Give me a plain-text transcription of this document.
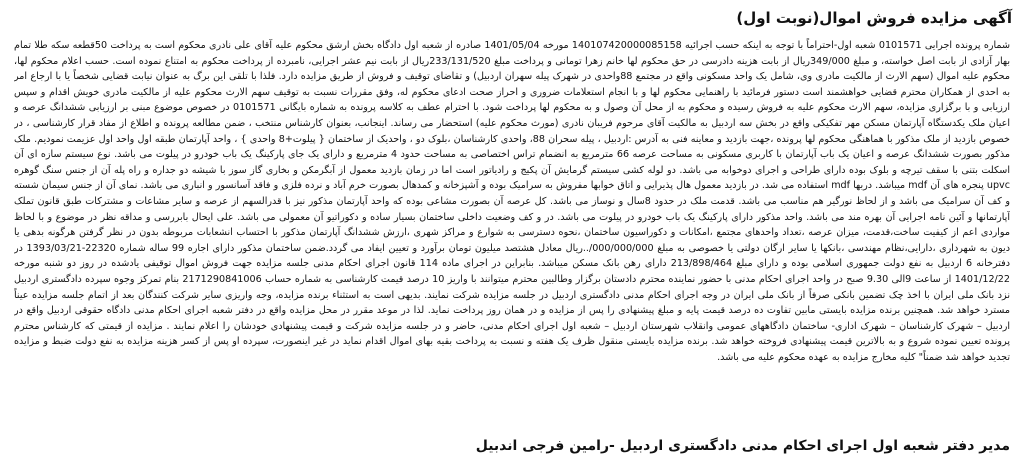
آگهی مزایده فروش اموال(نوبت اول)
شماره پرونده اجرایی 0101571 شعبه اول-احتراماً با توجه به اینکه حسب اجرائیه 140107420000085158 مورخه 1401/05/04 صادره از شعبه اول دادگاه بخش ارشق محکوم علیه آقای علی نادری محکوم است به پرداخت 50قطعه سکه طلا تمام بهار آزادی از بابت اصل خواسته، و مبلغ 349/000ریال از بابت هزینه دادرسی در حق محکوم لها خانم زهرا تومانی و پرداخت مبلغ 233/131/520ریال از بابت نیم عشر اجرایی، نامبرده از پرداخت محکوم به امتناع نموده است. حسب اعلام محکوم لها، محکوم علیه اموال (سهم الارث از مالکیت مادری وی، شامل یک واحد مسکونی واقع در مجتمع 88واحدی در شهرک پیله سهران اردبیل) و تقاضای توقیف و فروش از طریق مزایده دارد. فلذا با تلقی این برگ به عنوان نیابت قضایی شخصاً یا با ارجاع امر به احدی از همکاران محترم قضایی خواهشمند است دستور فرمائید با راهنمایی محکوم لها و با انجام استعلامات ضروری و احراز صحت ادعای محکوم له، وفق مقررات نسبت به توقیف سهم الارث محکوم علیه از مالکیت مادری خویش اقدام و سپس ارزیابی و با برگزاری مزایده، سهم الارث محکوم علیه به فروش رسیده و محکوم به از محل آن وصول و به محکوم لها پرداخت شود. با احترام عطف به کلاسه پرونده به شماره بایگانی 0101571 در خصوص موضوع مبنی بر ارزیابی ششدانگ عرصه و اعیان ملک یکدستگاه آپارتمان مسکن مهر تفکیکی واقع در بخش سه اردبیل به مالکیت آقای مرحوم فریبان نادری (مورث محکوم علیه) استحضار می رساند. اینجانب، بعنوان کارشناس منتخب ، ضمن مطالعه پرونده و اطلاع از مفاد قرار کارشناسی ، در خصوص بازدید از ملک مذکور با هماهنگی محکوم لها پرونده ،جهت بازدید و معاینه فنی به آدرس :اردبیل ، پیله سحران 88، واحدی کارشناسان ،بلوک دو ، واحدیک از ساختمان { پیلوت+8 واحدی } ، واحد آپارتمان طبقه اول واحد اول عزیمت نمودیم. ملک مذکور بصورت ششدانگ عرصه و اعیان یک باب آپارتمان با کاربری مسکونی به مساحت عرصه 66 مترمربع به انضمام تراس اختصاصی به مساحت حدود 4 مترمربع و دارای یک جای پارکینگ یک باب خودرو در پیلوت می باشد. نوع سیستم سازه ای آن اسکلت بتنی با سقف تیرچه و بلوک بوده دارای طراحی و اجرای دوخوابه می باشد. دو لوله کشی سیستم گرمایش آن پکیج و رادیاتور است اما در زمان بازدید معمول از آبگرمکن و بخاری گاز سوز با شیشه دو جداره و راه پله آن از جنس سنگ گوهره upvc پنجره های آن mdf میباشد. دربها mdf استفاده می شد. در بازدید معمول هال پذیرایی و اتاق خوابها مفروش به سرامیک بوده و آشپزخانه و کمدهال بصورت خرم آباد و نرده فلزی و فاقد آسانسور و انباری می باشد. نمای آن از جنس سیمان شسته و کف آن سرامیک می باشد و از لحاظ نورگیر هم مناسب می باشد. قدمت ملک در حدود 8سال و نوساز می باشد. کل عرصه آن بصورت مشاعی بوده که واحد آپارتمان مذکور نیز با قدرالسهم از عرصه و سایر مشاعات و مشترکات طبق قانون تملک آپارتمانها و آئین نامه اجرایی آن بهره مند می باشد. واحد مذکور دارای پارکینگ یک باب خودرو در پیلوت می باشد. در و کف وضعیت داخلی ساختمان بسیار ساده و دکوراتیو آن معمولی می باشد. علی ایحال بابررسی و مداقه نظر در موضوع و با لحاظ مواردی اعم از کیفیت ساخت،قدمت، میزان عرصه ،تعداد واحدهای مجتمع ،امکانات و دکوراسیون ساختمان ،نحوه دسترسی به شوارع و مراکز شهری ،ارزش ششدانگ آپارتمان مذکور با احتساب انشعابات مربوطه بدون در نظر گرفتن هرگونه بدهی یا دیون به شهرداری ،دارایی،نظام مهندسی ،بانکها یا سایر ارگان دولتی یا خصوصی به مبلغ 000/000/000/..ریال معادل هشتصد میلیون تومان برآورد و تعیین ایفاد می گردد.ضمن ساختمان مذکور دارای اجاره 99 ساله شماره 22320-1393/03/21 در دفترخانه 6 اردبیل به نفع دولت جمهوری اسلامی بوده و دارای مبلغ 213/898/464 دارای رهن بانک مسکن میباشد. بنابراین در اجرای ماده 114 قانون اجرای احکام مدنی جلسه مزایده جهت فروش اموال توقیفی یادشده در روز دو شنبه مورخه 1401/12/22 از ساعت 9الی 9.30 صبح در واحد اجرای احکام مدنی با حضور نماینده محترم دادستان برگزار وطالبین محترم میتوانند با واریز 10 درصد قیمت کارشناسی به شماره حساب 2171290841006 بنام تمرکز وجوه سپرده دادگستری اردبیل نزد بانک ملی ایران با اخذ چک تضمین بانکی صرفاً از بانک ملی ایران در وجه اجرای احکام مدنی دادگستری اردبیل در جلسه مزایده شرکت نمایند. بدیهی است به استثناء برنده مزایده، وجه واریزی سایر شرکت کنندگان بعد از اتمام جلسه مزایده عیناً مسترد خواهد شد. همچنین برنده مزایده بایستی مابین تفاوت ده درصد قیمت پایه و مبلغ پیشنهادی را پس از مزایده و در همان روز پرداخت نماید. لذا در موعد مقرر در محل مزایده واقع در دفتر شعبه اجرای احکام مدنی دادگاه حقوقی اردبیل واقع در اردبیل – شهرک کارشناسان – شهرک اداری- ساختمان دادگاههای عمومی وانقلاب شهرستان اردبیل – شعبه اول اجرای احکام مدنی، حاضر و در جلسه مزایده شرکت و قیمت پیشنهادی خودشان را اعلام نمایند . مزایده از قیمتی که کارشناس محترم پرونده تعیین نموده شروع و به بالاترین قیمت پیشنهادی فروخته خواهد شد. برنده مزایده بایستی منقول ظرف یک هفته و نسبت به پرداخت بقیه بهای اموال اقدام نماید در غیر اینصورت، سپرده او پس از کسر هزینه مزایده به نفع دولت ضبط و مزایده تجدید خواهد شد ضمناً" کلیه مخارج مزایده به عهده محکوم علیه می باشد.
مدیر دفتر شعبه اول اجرای احکام مدنی دادگستری اردبیل -رامین فرجی اندبیل
